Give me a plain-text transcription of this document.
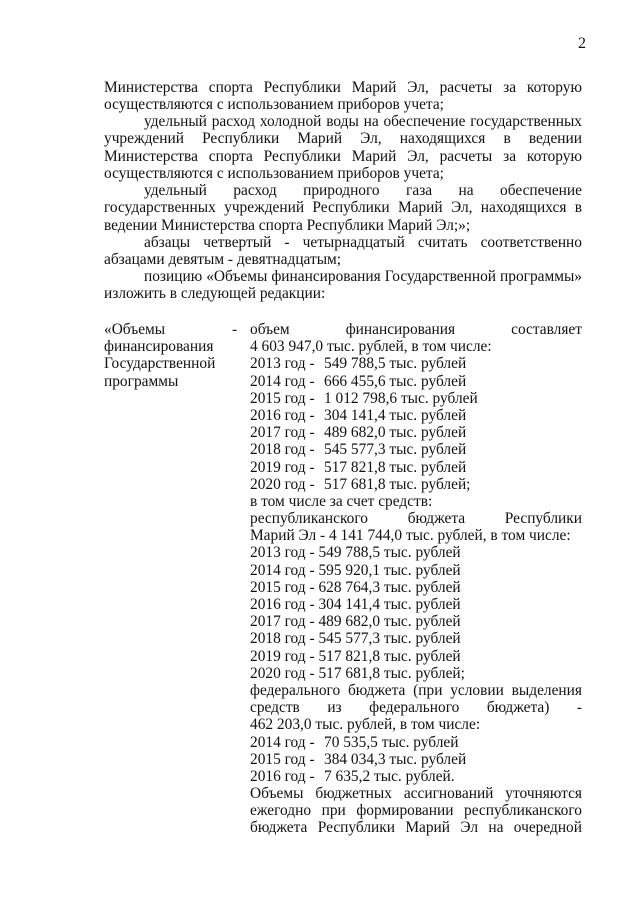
2

Министерства спорта Республики Марий Эл, расчеты за которую осуществляются с использованием приборов учета;

удельный расход холодной воды на обеспечение государственных учреждений Республики Марий Эл, находящихся в ведении Министерства спорта Республики Марий Эл, расчеты за которую осуществляются с использованием приборов учета;

удельный расход природного газа на обеспечение государственных учреждений Республики Марий Эл, находящихся в ведении Министерства спорта Республики Марий Эл;»;

абзацы четвертый - четырнадцатый считать соответственно абзацами девятым - девятнадцатым;

позицию «Объемы финансирования Государственной программы» изложить в следующей редакции:

«Объемы
финансирования
Государственной
программы
- объем финансирования составляет
4 603 947,0 тыс. рублей, в том числе:
2013 год - 549 788,5 тыс. рублей
2014 год - 666 455,6 тыс. рублей
2015 год - 1 012 798,6 тыс. рублей
2016 год - 304 141,4 тыс. рублей
2017 год - 489 682,0 тыс. рублей
2018 год - 545 577,3 тыс. рублей
2019 год - 517 821,8 тыс. рублей
2020 год - 517 681,8 тыс. рублей;
в том числе за счет средств:
республиканского бюджета Республики
Марий Эл - 4 141 744,0 тыс. рублей, в том числе:
2013 год - 549 788,5 тыс. рублей
2014 год - 595 920,1 тыс. рублей
2015 год - 628 764,3 тыс. рублей
2016 год - 304 141,4 тыс. рублей
2017 год - 489 682,0 тыс. рублей
2018 год - 545 577,3 тыс. рублей
2019 год - 517 821,8 тыс. рублей
2020 год - 517 681,8 тыс. рублей;
федерального бюджета (при условии выделения
средств из федерального бюджета) -
462 203,0 тыс. рублей, в том числе:
2014 год - 70 535,5 тыс. рублей
2015 год - 384 034,3 тыс. рублей
2016 год - 7 635,2 тыс. рублей.
Объемы бюджетных ассигнований уточняются
ежегодно при формировании республиканского
бюджета Республики Марий Эл на очередной
